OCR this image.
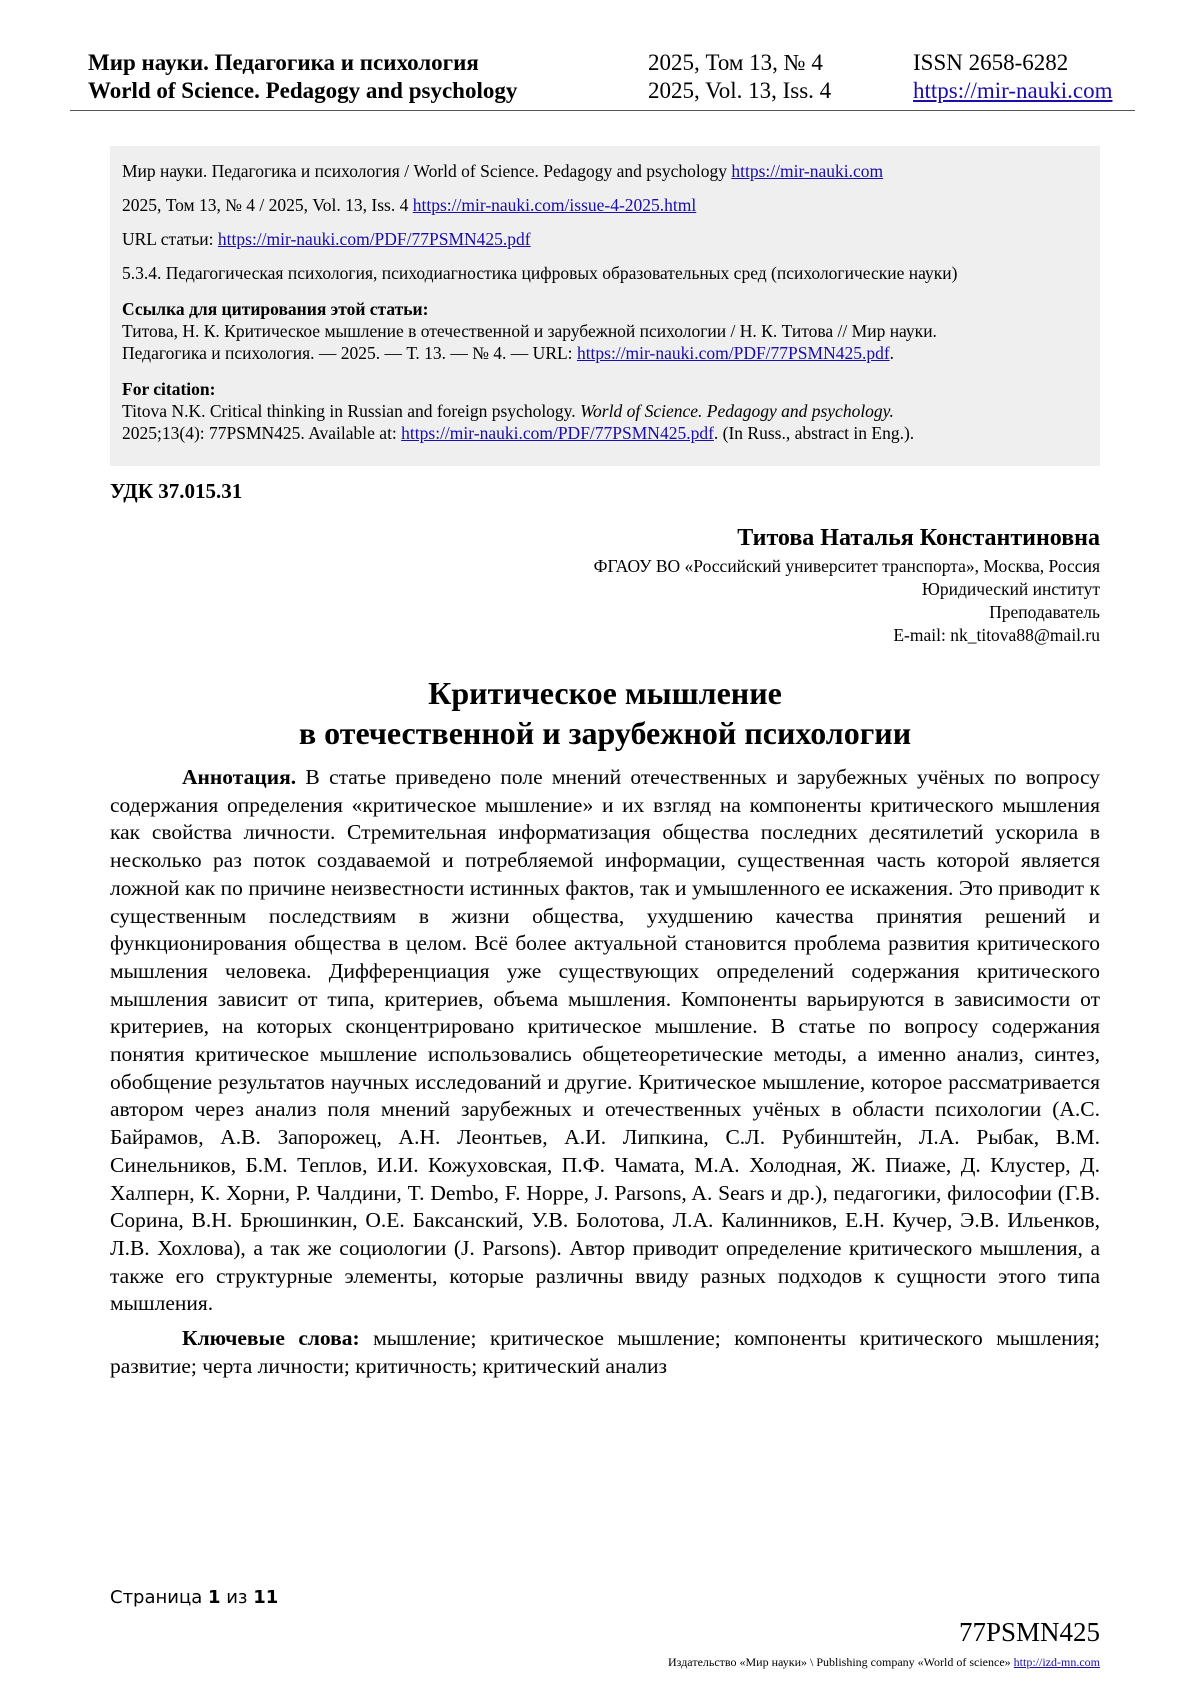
Мир науки. Педагогика и психология
World of Science. Pedagogy and psychology
2025, Том 13, № 4
2025, Vol. 13, Iss. 4
ISSN 2658-6282
https://mir-nauki.com

Мир науки. Педагогика и психология / World of Science. Pedagogy and psychology https://mir-nauki.com

2025, Том 13, № 4 / 2025, Vol. 13, Iss. 4 https://mir-nauki.com/issue-4-2025.html

URL статьи: https://mir-nauki.com/PDF/77PSMN425.pdf

5.3.4. Педагогическая психология, психодиагностика цифровых образовательных сред (психологические науки)

Ссылка для цитирования этой статьи:

Титова, Н. К. Критическое мышление в отечественной и зарубежной психологии / Н. К. Титова // Мир науки.

Педагогика и психология. — 2025. — Т. 13. — № 4. — URL: https://mir-nauki.com/PDF/77PSMN425.pdf.

For citation:

Titova N.K. Critical thinking in Russian and foreign psychology. World of Science. Pedagogy and psychology.

2025;13(4): 77PSMN425. Available at: https://mir-nauki.com/PDF/77PSMN425.pdf. (In Russ., abstract in Eng.).

УДК 37.015.31
Титова Наталья Константиновна
ФГАОУ ВО «Российский университет транспорта», Москва, Россия
Юридический институт
Преподаватель
E-mail: nk_titova88@mail.ru
Критическое мышление
в отечественной и зарубежной психологии

Аннотация. В статье приведено поле мнений отечественных и зарубежных учёных по вопросу содержания определения «критическое мышление» и их взгляд на компоненты критического мышления как свойства личности. Стремительная информатизация общества последних десятилетий ускорила в несколько раз поток создаваемой и потребляемой информации, существенная часть которой является ложной как по причине неизвестности истинных фактов, так и умышленного ее искажения. Это приводит к существенным последствиям в жизни общества, ухудшению качества принятия решений и функционирования общества в целом. Всё более актуальной становится проблема развития критического мышления человека. Дифференциация уже существующих определений содержания критического мышления зависит от типа, критериев, объема мышления. Компоненты варьируются в зависимости от критериев, на которых сконцентрировано критическое мышление. В статье по вопросу содержания понятия критическое мышление использовались общетеоретические методы, а именно анализ, синтез, обобщение результатов научных исследований и другие. Критическое мышление, которое рассматривается автором через анализ поля мнений зарубежных и отечественных учёных в области психологии (А.С. Байрамов, А.В. Запорожец, А.Н. Леонтьев, А.И. Липкина, С.Л. Рубинштейн, Л.А. Рыбак, В.М. Синельников, Б.М. Теплов, И.И. Кожуховская, П.Ф. Чамата, М.А. Холодная, Ж. Пиаже, Д. Клустер, Д. Халперн, К. Хорни, Р. Чалдини, T. Dembo, F. Hoppe, J. Parsons, A. Sears и др.), педагогики, философии (Г.В. Сорина, В.Н. Брюшинкин, О.Е. Баксанский, У.В. Болотова, Л.А. Калинников, Е.Н. Кучер, Э.В. Ильенков, Л.В. Хохлова), а так же социологии (J. Parsons). Автор приводит определение критического мышления, а также его структурные элементы, которые различны ввиду разных подходов к сущности этого типа мышления.

Ключевые слова: мышление; критическое мышление; компоненты критического мышления; развитие; черта личности; критичность; критический анализ

Страница 1 из 11
77PSMN425
Издательство «Мир науки» \ Publishing company «World of science» http://izd-mn.com
